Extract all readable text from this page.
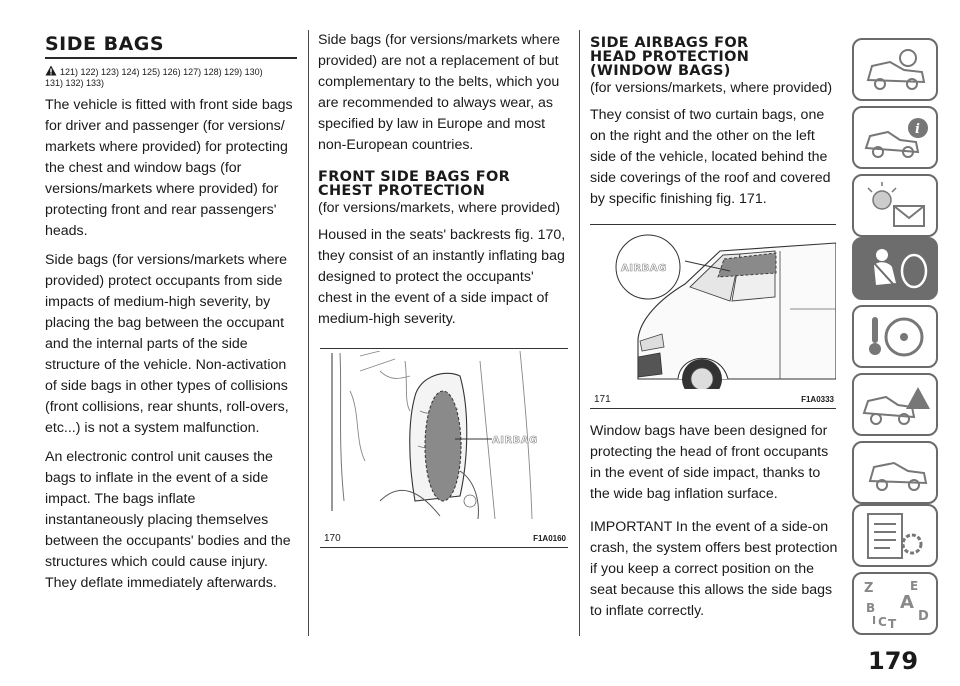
SIDE BAGS
121) 122) 123) 124) 125) 126) 127) 128) 129) 130)
131) 132) 133)

The vehicle is fitted with front side bags for driver and passenger (for versions/ markets where provided) for protecting the chest and window bags (for versions/markets where provided) for protecting front and rear passengers' heads.

Side bags (for versions/markets where provided) protect occupants from side impacts of medium-high severity, by placing the bag between the occupant and the internal parts of the side structure of the vehicle. Non-activation of side bags in other types of collisions (front collisions, rear shunts, roll-overs, etc...) is not a system malfunction.

An electronic control unit causes the bags to inflate in the event of a side impact. The bags inflate instantaneously placing themselves between the occupants' bodies and the structures which could cause injury. They deflate immediately afterwards.

Side bags (for versions/markets where provided) are not a replacement of but complementary to the belts, which you are recommended to always wear, as specified by law in Europe and most non-European countries.

FRONT SIDE BAGS FOR
CHEST PROTECTION
(for versions/markets, where provided)

Housed in the seats' backrests fig. 170, they consist of an instantly inflating bag designed to protect the occupants' chest in the event of a side impact of medium-high severity.

AIRBAG
170	F1A0160
SIDE AIRBAGS FOR
HEAD PROTECTION
(WINDOW BAGS)
(for versions/markets, where provided)

They consist of two curtain bags, one on the right and the other on the left side of the vehicle, located behind the side coverings of the roof and covered by specific finishing fig. 171.

AIRBAG
171	F1A0333

Window bags have been designed for protecting the head of front occupants in the event of side impact, thanks to the wide bag inflation surface.

IMPORTANT In the event of a side-on crash, the system offers best protection if you keep a correct position on the seat because this allows the side bags to inflate correctly.

i
Z	E
A
B
C T D
I
179
